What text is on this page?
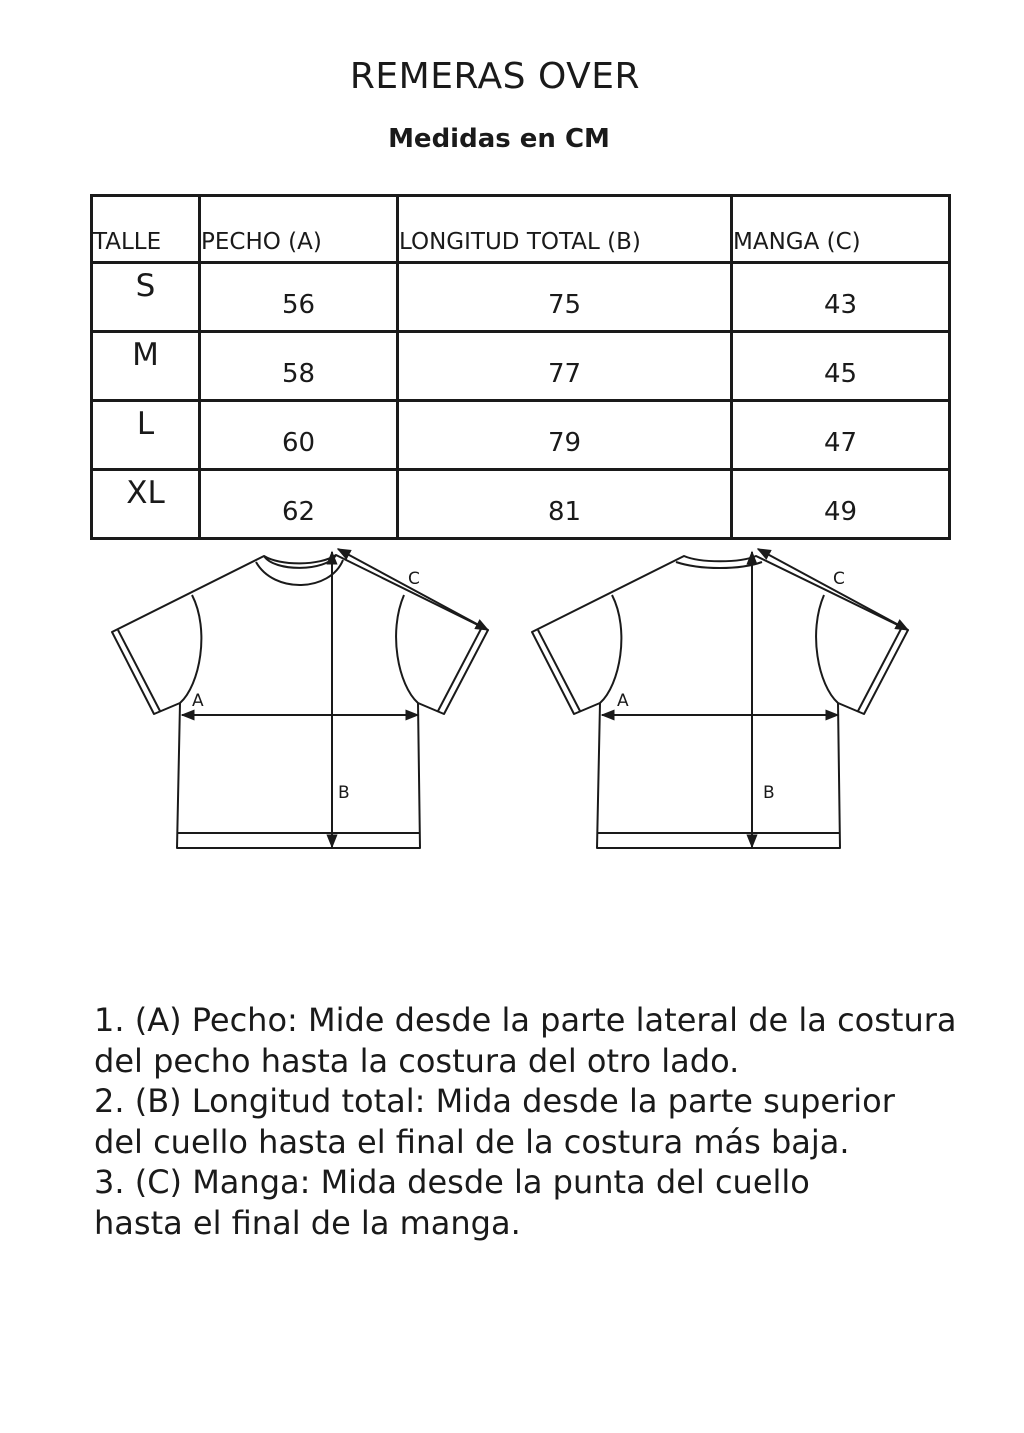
REMERAS OVER
Medidas en CM
TALLE	PECHO (A)	LONGITUD TOTAL (B)	MANGA (C)
S	56	75	43
M	58	77	45
L	60	79	47
XL	62	81	49
A
B
C
A
B
C

1. (A) Pecho: Mide desde la parte lateral de la costura

del pecho hasta la costura del otro lado.

2. (B) Longitud total: Mida desde la parte superior

del cuello hasta el final de la costura más baja.

3. (C) Manga: Mida desde la punta del cuello

hasta el final de la manga.
